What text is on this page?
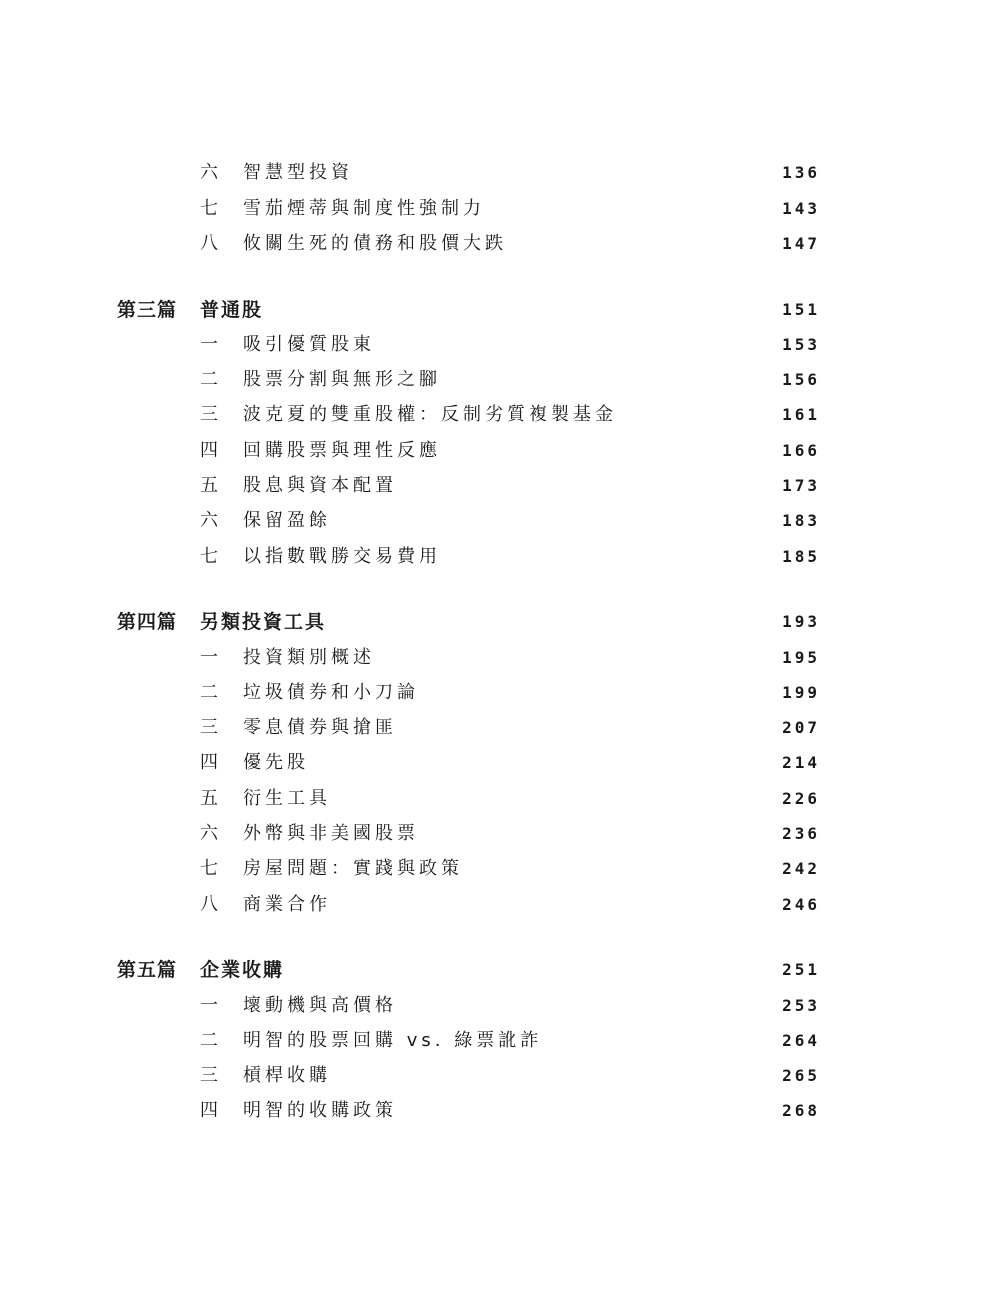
六 智慧型投資	136
七 雪茄煙蒂與制度性強制力	143
八 攸關生死的債務和股價大跌	147
第三篇 普通股	151
一 吸引優質股東	153
二 股票分割與無形之腳	156
三 波克夏的雙重股權：反制劣質複製基金	161
四 回購股票與理性反應	166
五 股息與資本配置	173
六 保留盈餘	183
七 以指數戰勝交易費用	185
第四篇 另類投資工具	193
一 投資類別概述	195
二 垃圾債券和小刀論	199
三 零息債券與搶匪	207
四 優先股	214
五 衍生工具	226
六 外幣與非美國股票	236
七 房屋問題：實踐與政策	242
八 商業合作	246
第五篇 企業收購	251
一 壞動機與高價格	253
二 明智的股票回購 vs. 綠票訛詐	264
三 槓桿收購	265
四 明智的收購政策	268
